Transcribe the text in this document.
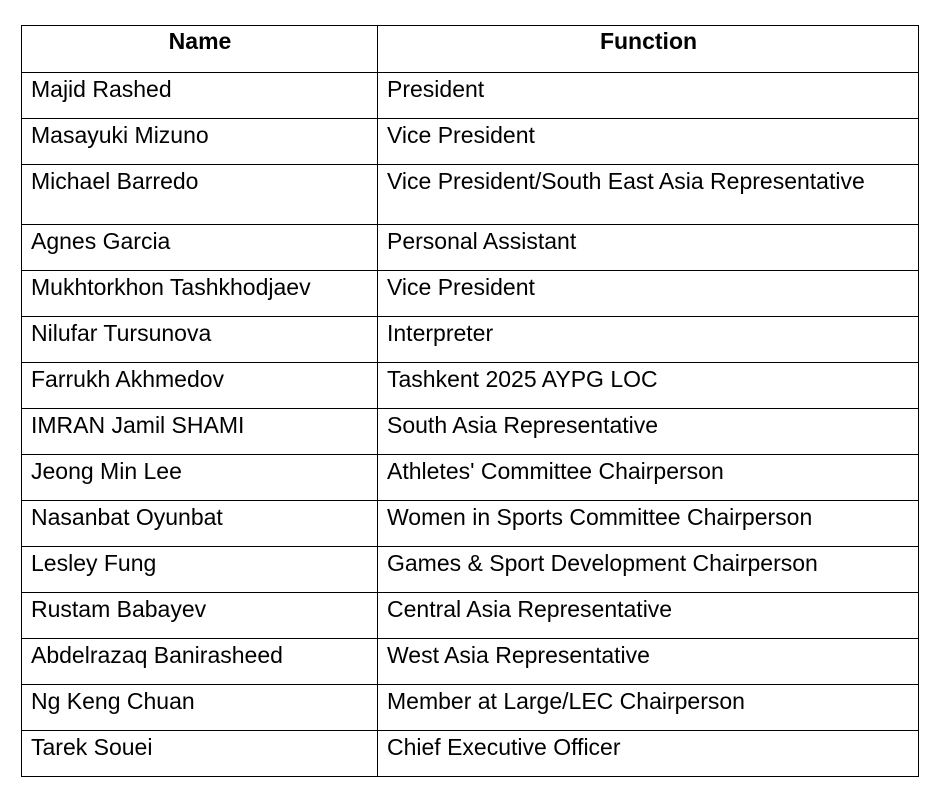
Name	Function
Majid Rashed	President
Masayuki Mizuno	Vice President
Michael Barredo	Vice President/South East Asia Representative
Agnes Garcia	Personal Assistant
Mukhtorkhon Tashkhodjaev	Vice President
Nilufar Tursunova	Interpreter
Farrukh Akhmedov	Tashkent 2025 AYPG LOC
IMRAN Jamil SHAMI	South Asia Representative
Jeong Min Lee	Athletes' Committee Chairperson
Nasanbat Oyunbat	Women in Sports Committee Chairperson
Lesley Fung	Games & Sport Development Chairperson
Rustam Babayev	Central Asia Representative
Abdelrazaq Banirasheed	West Asia Representative
Ng Keng Chuan	Member at Large/LEC Chairperson
Tarek Souei	Chief Executive Officer
